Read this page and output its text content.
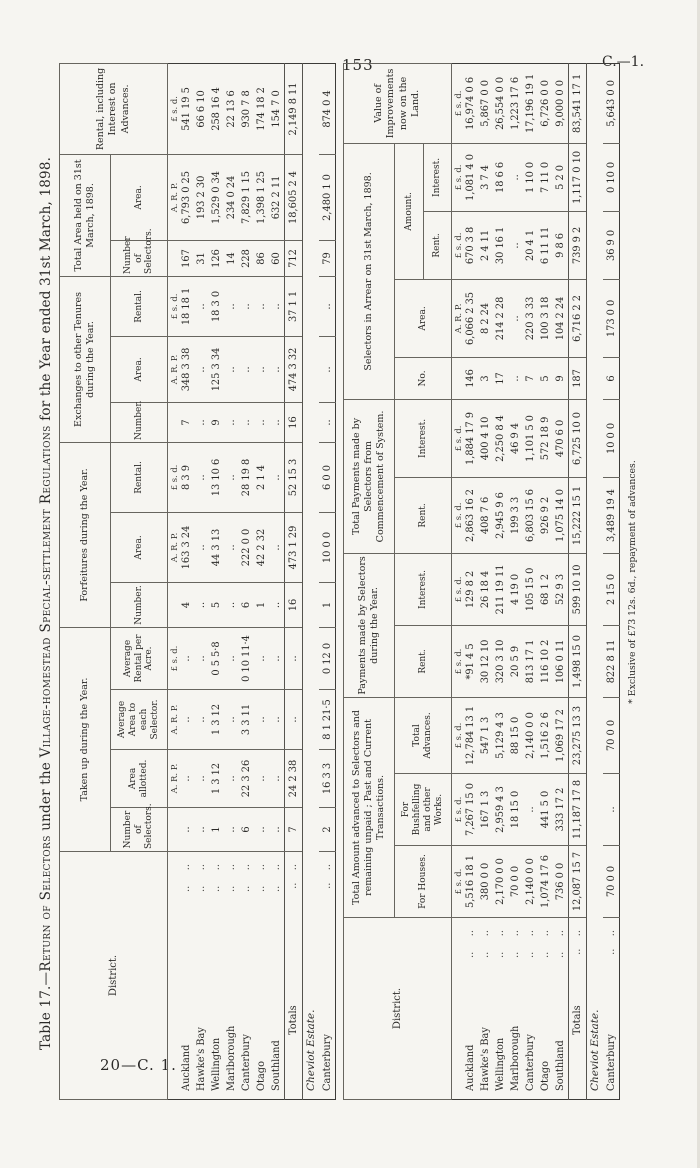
153	C.—1.
20—C. 1.
Table 17.—Return of Selectors under the Village-homestead Special-settlement Regulations for the Year ended 31st March, 1898.
District.	Taken up during the Year.				Forfeitures during the Year.			Exchanges to other Tenures during the Year.			Total Area held on 31st March, 1898.		Rental, including Interest on Advances.
	Number of Selectors.	Area allotted.	Average Area to each Selector.	Average Rental per Acre.	Number.	Area.	Rental.	Number.	Area.	Rental.	Number of Selectors.	Area.	
		A. R. P.	A. R. P.	£ s. d.		A. R. P.	£ s. d.		A. R. P.	£ s. d.		A. R. P.	£ s. d.
Auckland ..	..	..	..	..	4	163 3 24	8 3 9	7	348 3 38	18 18 1	167	6,793 0 25	541 19 5
Hawke's Bay ..	..	..	..	..	..	..	..	..	..	..	31	193 2 30	66 6 10
Wellington ..	1	1 3 12	1 3 12	0 5 5·8	5	44 3 13	13 10 6	9	125 3 34	18 3 0	126	1,529 0 34	258 16 4
Marlborough ..	..	..	..	..	..	..	..	..	..	..	14	234 0 24	22 13 6
Canterbury ..	6	22 3 26	3 3 11	0 10 11·4	6	222 0 0	28 19 8	..	..	..	228	7,829 1 15	930 7 8
Otago ..	..	..	..	..	1	42 2 32	2 1 4	..	..	..	86	1,398 1 25	174 18 2
Southland ..	..	..	..	..	..	..	..	..	..	..	60	632 2 11	154 7 0
Totals ..    ..	7	24 2 38	..	..	16	473 1 29	52 15 3	16	474 3 32	37 1 1	712	18,605 2 4	2,149 8 11
Cheviot Estate.													
Canterbury ..    ..	2	16 3 3	8 1 21·5	0 12 0	1	10 0 0	6 0 0	..	..	..	79	2,480 1 0	874 0 4
District.	Total Amount advanced to Selectors and remaining unpaid ; Past and Current Transactions.			Payments made by Selectors during the Year.		Total Payments made by Selectors from Commencement of System.		Selectors in Arrear on 31st March, 1898.				Value of Improvements now on the Land.
	For Houses.	For Bushfelling and other Works.	Total Advances.	Rent.	Interest.	Rent.	Interest.	No.	Area.	Amount.		
										Rent.	Interest.	
	£ s. d.	£ s. d.	£ s. d.	£ s. d.	£ s. d.	£ s. d.	£ s. d.		A. R. P.	£ s. d.	£ s. d.	£ s. d.
Auckland ..	5,516 18 1	7,267 15 0	12,784 13 1	*91 4 5	129 8 2	2,863 16 2	1,884 17 9	146	6,066 2 35	670 3 8	1,081 4 0	16,974 0 6
Hawke's Bay ..	380 0 0	167 1 3	547 1 3	30 12 10	26 18 4	408 7 6	400 4 10	3	8 2 24	2 4 11	3 7 4	5,867 0 0
Wellington ..	2,170 0 0	2,959 4 3	5,129 4 3	320 3 10	211 19 11	2,945 9 6	2,250 8 4	17	214 2 28	30 16 1	18 6 6	26,554 0 0
Marlborough ..	70 0 0	18 15 0	88 15 0	20 5 9	4 19 0	199 3 3	46 9 4	..	..	..	..	1,223 17 6
Canterbury ..	2,140 0 0	..	2,140 0 0	813 17 1	105 15 0	6,803 15 6	1,101 5 0	7	220 3 33	20 4 1	1 10 0	17,196 19 1
Otago ..	1,074 17 6	441 5 0	1,516 2 6	116 10 2	68 1 2	926 9 2	572 18 9	5	100 3 18	6 11 11	7 11 0	6,726 0 0
Southland ..	736 0 0	333 17 2	1,069 17 2	106 0 11	52 9 3	1,075 14 0	470 6 0	9	104 2 24	9 8 6	5 2 0	9,000 0 0
Totals ..    ..	12,087 15 7	11,187 17 8	23,275 13 3	1,498 15 0	599 10 10	15,222 15 1	6,725 10 0	187	6,716 2 2	739 9 2	1,117 0 10	83,541 17 1
Cheviot Estate.												
Canterbury ..    ..	70 0 0	..	70 0 0	822 8 11	2 15 0	3,489 19 4	10 0 0	6	173 0 0	36 9 0	0 10 0	5,643 0 0
* Exclusive of £73 12s. 6d., repayment of advances.
